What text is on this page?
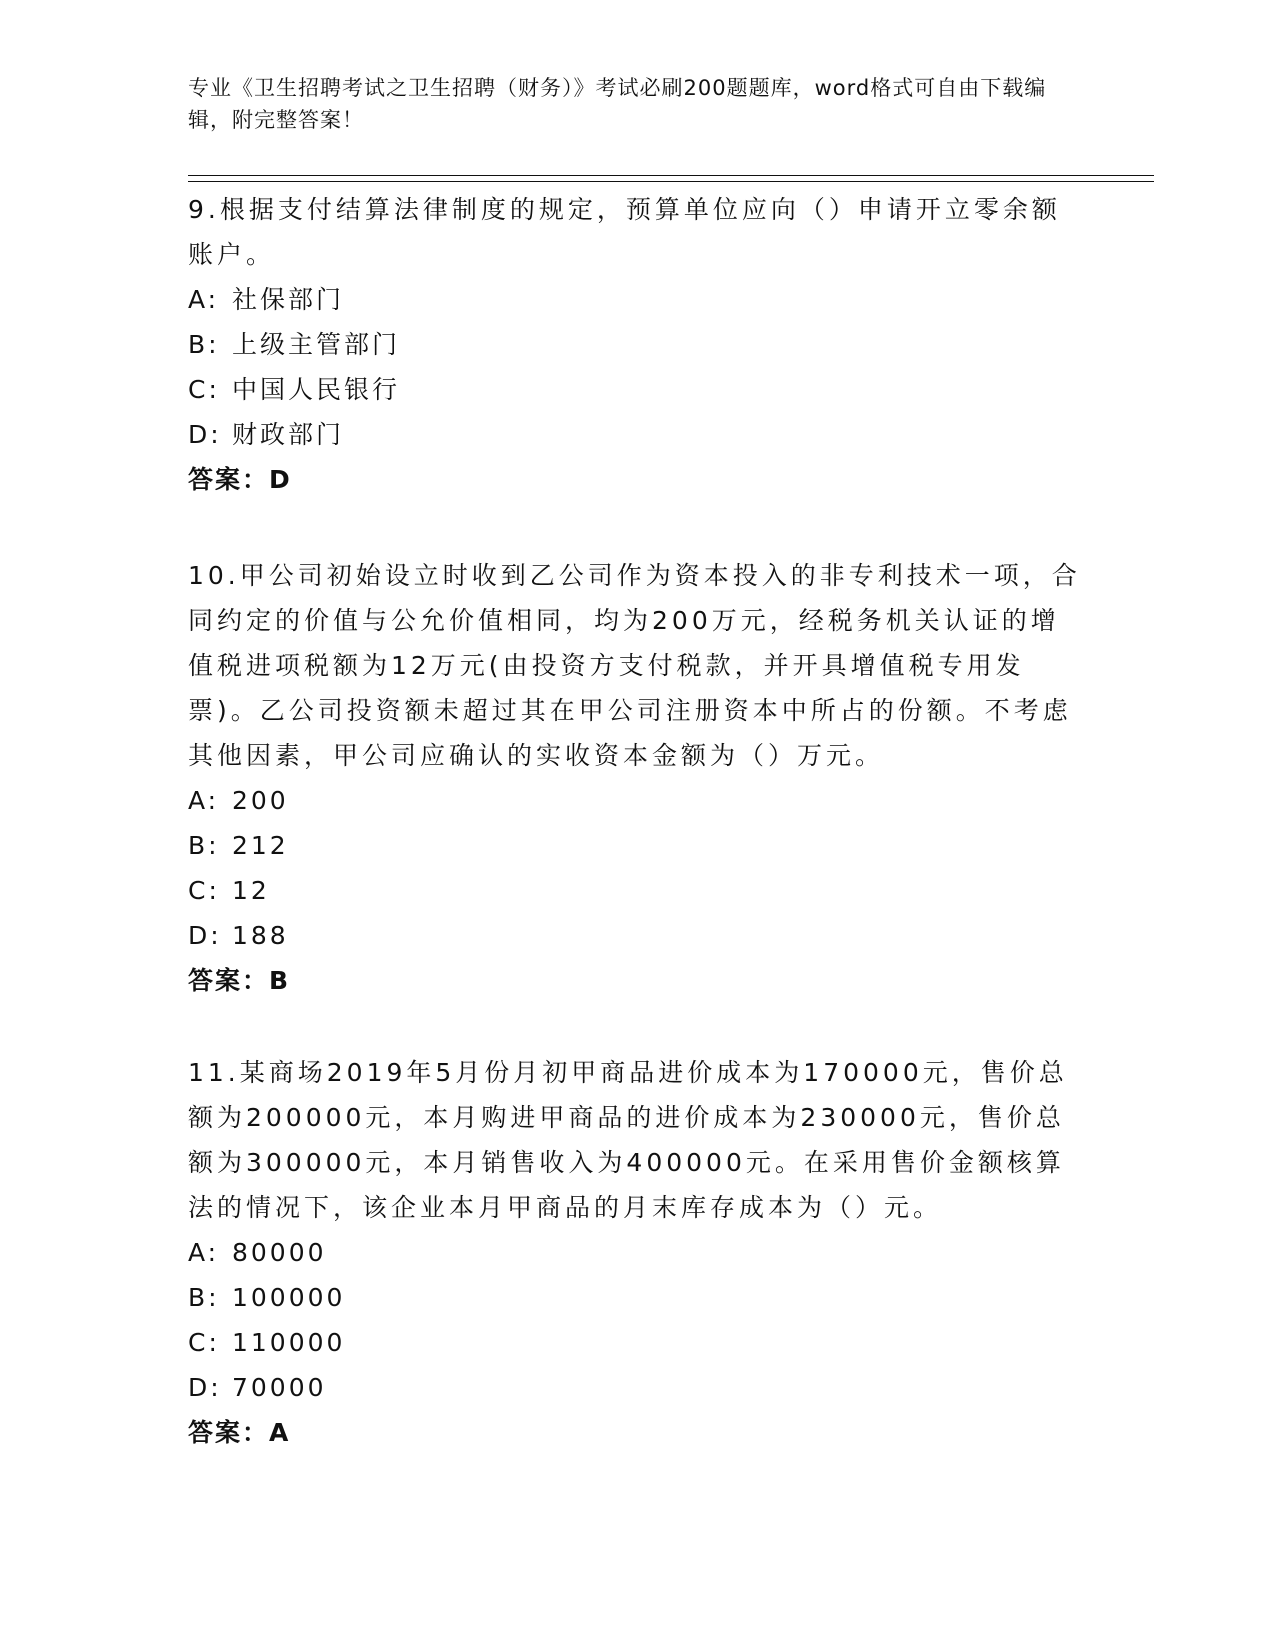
专业《卫生招聘考试之卫生招聘（财务）》考试必刷200题题库，word格式可自由下载编辑，附完整答案！

9.根据支付结算法律制度的规定，预算单位应向（）申请开立零余额账户。

A: 社保部门

B: 上级主管部门

C: 中国人民银行

D: 财政部门

答案：D

10.甲公司初始设立时收到乙公司作为资本投入的非专利技术一项，合同约定的价值与公允价值相同，均为200万元，经税务机关认证的增值税进项税额为12万元(由投资方支付税款，并开具增值税专用发票)。乙公司投资额未超过其在甲公司注册资本中所占的份额。不考虑其他因素，甲公司应确认的实收资本金额为（）万元。

A: 200

B: 212

C: 12

D: 188

答案：B

11.某商场2019年5月份月初甲商品进价成本为170000元，售价总额为200000元，本月购进甲商品的进价成本为230000元，售价总额为300000元，本月销售收入为400000元。在采用售价金额核算法的情况下，该企业本月甲商品的月末库存成本为（）元。

A: 80000

B: 100000

C: 110000

D: 70000

答案：A
